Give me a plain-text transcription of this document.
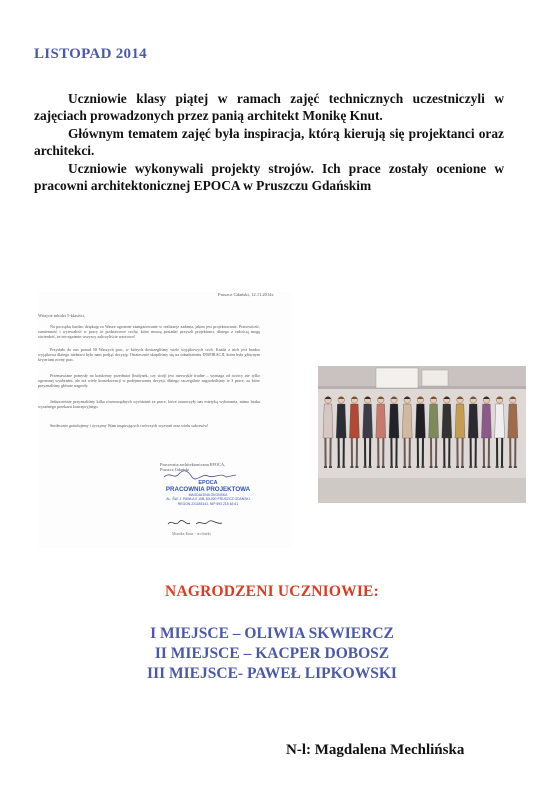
LISTOPAD 2014

Uczniowie klasy piątej w ramach zajęć technicznych uczestniczyli w zajęciach prowadzonych przez panią architekt Monikę Knut.

Głównym tematem zajęć była inspiracja, którą kierują się projektanci oraz architekci.

Uczniowie wykonywali projekty strojów. Ich prace zostały ocenione w pracowni architektonicznej EPOCA w Pruszczu Gdańskim

Pruszcz Gdański, 12.11.2014r.
Witajcie młodzi 5-klasiści,

Na początku bardzo dziękuję za Wasze ogromne zaangażowanie w realizacje zadania, jakim jest projektowanie. Pracowitość, sumienność i wytrwałość w pracy to podstawowe cechy, które muszą posiadać przyszli projektanci, dlatego z radością mogę stwierdzić, że ten egzamin wszyscy zaliczyliście wzorowo!

Przysłało do nas ponad 50 Waszych prac, w których dostrzegliśmy wiele wyjątkowych cech. Każda z nich jest bardzo wyjątkowa dlatego niełatwo było nam podjąć decyzję. Ostatecznie skupiliśmy się na odnalezieniu INSPIRACJI, która była głównym kryterium oceny prac.

Przemawiane pomysły na konkretny przedmiot (budynek, czy strój) jest niezwykle trudne – wymaga od twórcy nie tylko ogromnej wyobraźni, ale też wiele konsekwencji w podejmowaniu decyzji, dlatego szczególnie nagrodziliśmy te 3 prace, za które przyznaliśmy główne nagrody.

Jednocześnie przyznaliśmy kilka równorzędnych wyróżnień za prace, które zauroczyły nas estetyką wykonania, mimo braku wyraźnego przekazu koncepcyjnego.

Serdecznie gratulujemy i życzymy Wam inspirujących twórczych wyzwań oraz wielu sukcesów!

Pracownia architektoniczna EPOCA,
Pruszcz Gdański
EPOCA
PRACOWNIA PROJEKTOWA
MAGDALENA OKOŃSKA
AL. ŚW. J. PAWŁA II 10B, 83-000 PRUSZCZ GDAŃSKI
REGON 221185141, NIP 593 215 48 61
Monika Knut - architekt
NAGRODZENI UCZNIOWIE:
I MIEJSCE – OLIWIA SKWIERCZ
II MIEJSCE – KACPER DOBOSZ
III MIEJSCE- PAWEŁ LIPKOWSKI
N-l: Magdalena Mechlińska
